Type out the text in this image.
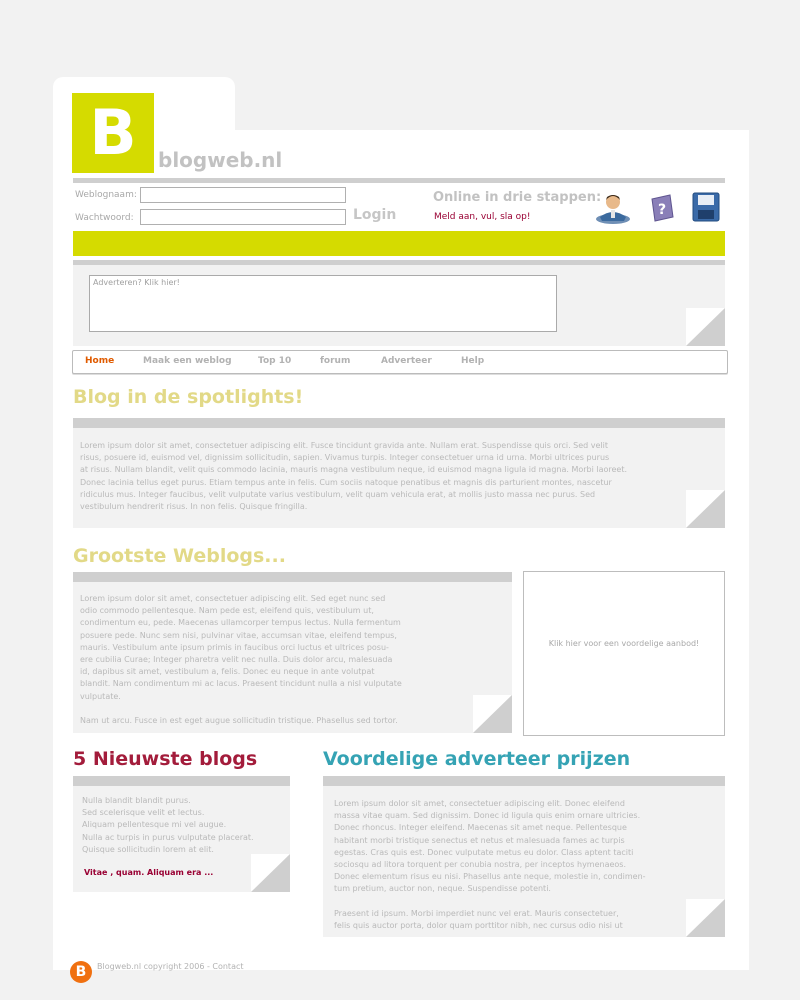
B	blogweb.nl
Weblognaam:
Wachtwoord:	Login
Online in drie stappen:
Meld aan, vul, sla op!	?
Adverteren? Klik hier!
Home	Maak een weblog	Top 10	forum	Adverteer	Help
Blog in de spotlights!
Lorem ipsum dolor sit amet, consectetuer adipiscing elit. Fusce tincidunt gravida ante. Nullam erat. Suspendisse quis orci. Sed velit
risus, posuere id, euismod vel, dignissim sollicitudin, sapien. Vivamus turpis. Integer consectetuer urna id urna. Morbi ultrices purus
at risus. Nullam blandit, velit quis commodo lacinia, mauris magna vestibulum neque, id euismod magna ligula id magna. Morbi laoreet.
Donec lacinia tellus eget purus. Etiam tempus ante in felis. Cum sociis natoque penatibus et magnis dis parturient montes, nascetur
ridiculus mus. Integer faucibus, velit vulputate varius vestibulum, velit quam vehicula erat, at mollis justo massa nec purus. Sed
vestibulum hendrerit risus. In non felis. Quisque fringilla.
Grootste Weblogs...
Lorem ipsum dolor sit amet, consectetuer adipiscing elit. Sed eget nunc sed
odio commodo pellentesque. Nam pede est, eleifend quis, vestibulum ut,
condimentum eu, pede. Maecenas ullamcorper tempus lectus. Nulla fermentum
posuere pede. Nunc sem nisi, pulvinar vitae, accumsan vitae, eleifend tempus,
mauris. Vestibulum ante ipsum primis in faucibus orci luctus et ultrices posu-
ere cubilia Curae; Integer pharetra velit nec nulla. Duis dolor arcu, malesuada
id, dapibus sit amet, vestibulum a, felis. Donec eu neque in ante volutpat
blandit. Nam condimentum mi ac lacus. Praesent tincidunt nulla a nisl vulputate
vulputate.
Nam ut arcu. Fusce in est eget augue sollicitudin tristique. Phasellus sed tortor.
Klik hier voor een voordelige aanbod!
5 Nieuwste blogs
Nulla blandit blandit purus.
Sed scelerisque velit et lectus.
Aliquam pellentesque mi vel augue.
Nulla ac turpis in purus vulputate placerat.
Quisque sollicitudin lorem at elit.
Vitae , quam. Aliquam era ...
Voordelige adverteer prijzen
Lorem ipsum dolor sit amet, consectetuer adipiscing elit. Donec eleifend
massa vitae quam. Sed dignissim. Donec id ligula quis enim ornare ultricies.
Donec rhoncus. Integer eleifend. Maecenas sit amet neque. Pellentesque
habitant morbi tristique senectus et netus et malesuada fames ac turpis
egestas. Cras quis est. Donec vulputate metus eu dolor. Class aptent taciti
sociosqu ad litora torquent per conubia nostra, per inceptos hymenaeos.
Donec elementum risus eu nisi. Phasellus ante neque, molestie in, condimen-
tum pretium, auctor non, neque. Suspendisse potenti.
Praesent id ipsum. Morbi imperdiet nunc vel erat. Mauris consectetuer,
felis quis auctor porta, dolor quam porttitor nibh, nec cursus odio nisi ut
B	Blogweb.nl copyright 2006 - Contact
